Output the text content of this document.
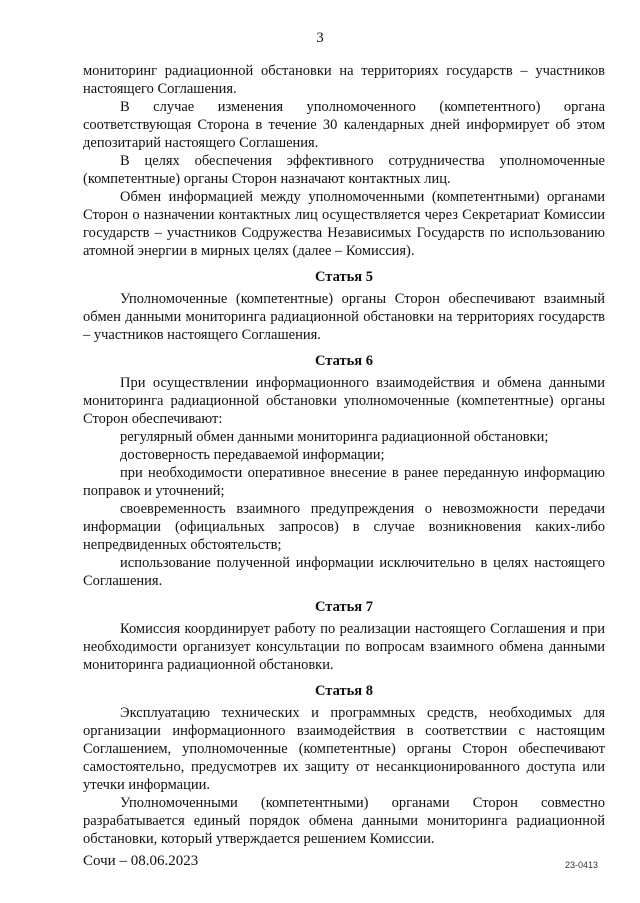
3

мониторинг радиационной обстановки на территориях государств – участников настоящего Соглашения.

В случае изменения уполномоченного (компетентного) органа соответствующая Сторона в течение 30 календарных дней информирует об этом депозитарий настоящего Соглашения.

В целях обеспечения эффективного сотрудничества уполномоченные (компетентные) органы Сторон назначают контактных лиц.

Обмен информацией между уполномоченными (компетентными) органами Сторон о назначении контактных лиц осуществляется через Секретариат Комиссии государств – участников Содружества Независимых Государств по использованию атомной энергии в мирных целях (далее – Комиссия).

Статья 5

Уполномоченные (компетентные) органы Сторон обеспечивают взаимный обмен данными мониторинга радиационной обстановки на территориях государств – участников настоящего Соглашения.

Статья 6

При осуществлении информационного взаимодействия и обмена данными мониторинга радиационной обстановки уполномоченные (компетентные) органы Сторон обеспечивают:

регулярный обмен данными мониторинга радиационной обстановки;

достоверность передаваемой информации;

при необходимости оперативное внесение в ранее переданную информацию поправок и уточнений;

своевременность взаимного предупреждения о невозможности передачи информации (официальных запросов) в случае возникновения каких-либо непредвиденных обстоятельств;

использование полученной информации исключительно в целях настоящего Соглашения.

Статья 7

Комиссия координирует работу по реализации настоящего Соглашения и при необходимости организует консультации по вопросам взаимного обмена данными мониторинга радиационной обстановки.

Статья 8

Эксплуатацию технических и программных средств, необходимых для организации информационного взаимодействия в соответствии с настоящим Соглашением, уполномоченные (компетентные) органы Сторон обеспечивают самостоятельно, предусмотрев их защиту от несанкционированного доступа или утечки информации.

Уполномоченными (компетентными) органами Сторон совместно разрабатывается единый порядок обмена данными мониторинга радиационной обстановки, который утверждается решением Комиссии.

Сочи – 08.06.2023	23-0413
